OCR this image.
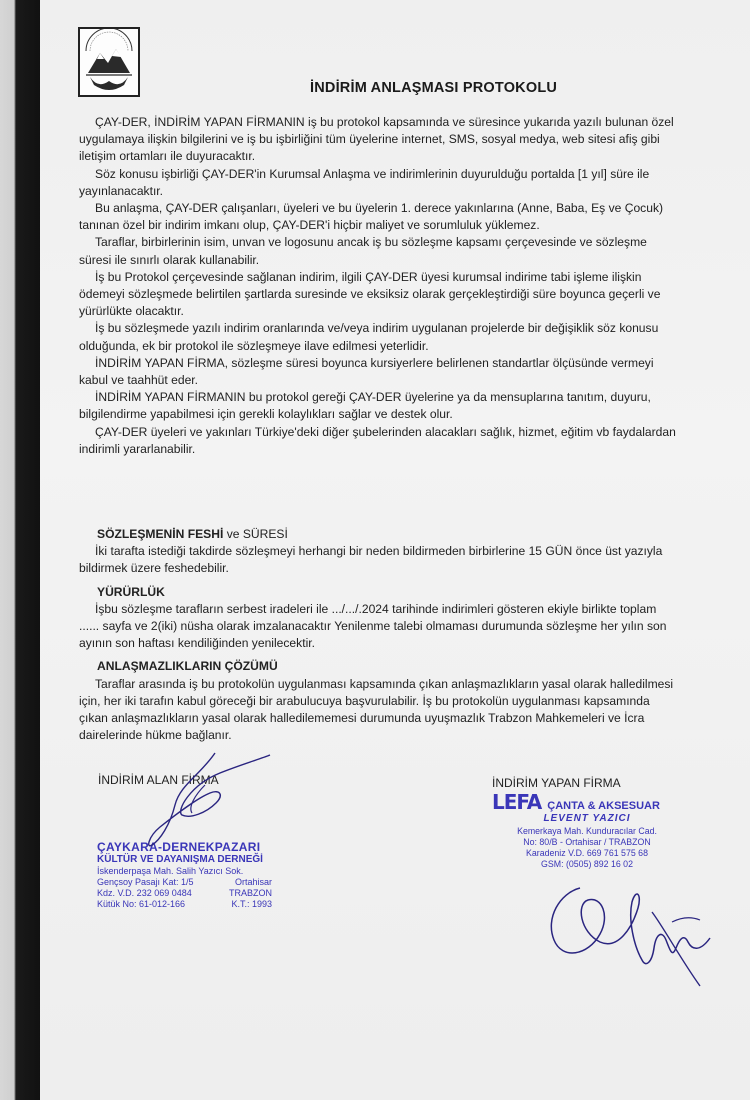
İNDİRİM ANLAŞMASI PROTOKOLU

ÇAY-DER, İNDİRİM YAPAN FİRMANIN iş bu protokol kapsamında ve süresince yukarıda yazılı bulunan özel uygulamaya ilişkin bilgilerini ve iş bu işbirliğini tüm üyelerine internet, SMS, sosyal medya, web sitesi afiş gibi iletişim ortamları ile duyuracaktır.

Söz konusu işbirliği ÇAY-DER'in Kurumsal Anlaşma ve indirimlerinin duyurulduğu portalda [1 yıl] süre ile yayınlanacaktır.

Bu anlaşma, ÇAY-DER çalışanları, üyeleri ve bu üyelerin 1. derece yakınlarına (Anne, Baba, Eş ve Çocuk) tanınan özel bir indirim imkanı olup, ÇAY-DER'i hiçbir maliyet ve sorumluluk yüklemez.

Taraflar, birbirlerinin isim, unvan ve logosunu ancak iş bu sözleşme kapsamı çerçevesinde ve sözleşme süresi ile sınırlı olarak kullanabilir.

İş bu Protokol çerçevesinde sağlanan indirim, ilgili ÇAY-DER üyesi kurumsal indirime tabi işleme ilişkin ödemeyi sözleşmede belirtilen şartlarda suresinde ve eksiksiz olarak gerçekleştirdiği süre boyunca geçerli ve yürürlükte olacaktır.

İş bu sözleşmede yazılı indirim oranlarında ve/veya indirim uygulanan projelerde bir değişiklik söz konusu olduğunda, ek bir protokol ile sözleşmeye ilave edilmesi yeterlidir.

İNDİRİM YAPAN FİRMA, sözleşme süresi boyunca kursiyerlere belirlenen standartlar ölçüsünde vermeyi kabul ve taahhüt eder.

İNDİRİM YAPAN FİRMANIN bu protokol gereği ÇAY-DER üyelerine ya da mensuplarına tanıtım, duyuru, bilgilendirme yapabilmesi için gerekli kolaylıkları sağlar ve destek olur.

ÇAY-DER üyeleri ve yakınları Türkiye'deki diğer şubelerinden alacakları sağlık, hizmet, eğitim vb faydalardan indirimli yararlanabilir.

SÖZLEŞMENİN FESHİ ve SÜRESİ

İki tarafta istediği takdirde sözleşmeyi herhangi bir neden bildirmeden birbirlerine 15 GÜN önce üst yazıyla bildirmek üzere feshedebilir.

YÜRÜRLÜK

İşbu sözleşme tarafların serbest iradeleri ile .../.../.2024 tarihinde indirimleri gösteren ekiyle birlikte toplam ...... sayfa ve 2(iki) nüsha olarak imzalanacaktır Yenilenme talebi olmaması durumunda sözleşme her yılın son ayının son haftası kendiliğinden yenilecektir.

ANLAŞMAZLIKLARIN ÇÖZÜMÜ

Taraflar arasında iş bu protokolün uygulanması kapsamında çıkan anlaşmazlıkların yasal olarak halledilmesi için, her iki tarafın kabul göreceği bir arabulucuya başvurulabilir. İş bu protokolün uygulanması kapsamında çıkan anlaşmazlıkların yasal olarak halledilememesi durumunda uyuşmazlık Trabzon Mahkemeleri ve İcra dairelerinde hükme bağlanır.

İNDİRİM ALAN FİRMA	İNDİRİM YAPAN FİRMA
ÇAYKARA-DERNEKPAZARI
KÜLTÜR VE DAYANIŞMA DERNEĞİ
İskenderpaşa Mah. Salih Yazıcı Sok.
Gençsoy Pasajı Kat: 1/5	Ortahisar
Kdz. V.D. 232 069 0484	TRABZON
Kütük No: 61-012-166	K.T.: 1993
LEFA ÇANTA & AKSESUAR
LEVENT YAZICI
Kemerkaya Mah. Kunduracılar Cad.
No: 80/B - Ortahisar / TRABZON
Karadeniz V.D. 669 761 575 68
GSM: (0505) 892 16 02
